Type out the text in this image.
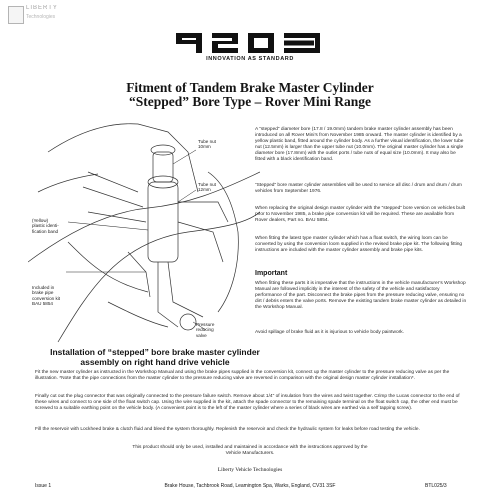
LIBERTY
Technologies
INNOVATION AS STANDARD
Fitment of Tandem Brake Master Cylinder
“Stepped” Bore Type – Rover Mini Range
Tube nut
10mm
Tube nut
12mm
(Yellow)
plastic identi-
fication band
Included in
brake pipe
conversion kit
BAU 5854
Pressure
reducing
valve
Installation of “stepped” bore brake master cylinder assembly on right hand drive vehicle
A “stepped” diameter bore (17.8 / 19.0mm) tandem brake master cylinder assembly has been introduced on all Rover Mini’s from November 1985 onward. The master cylinder is identified by a yellow plastic band, fitted around the cylinder body. As a further visual identification, the lower tube nut (12.5mm) is larger than the upper tube nut (10.0mm). The original master cylinder has a single diameter bore (17.8mm) with the outlet ports / tube nuts of equal size (10.0mm). It may also be fitted with a black identification band.
“Stepped” bore master cylinder assemblies will be used to service all disc / drum and drum / drum vehicles from September 1976.
When replacing the original design master cylinder with the “stepped” bore version on vehicles built prior to November 1985, a brake pipe conversion kit will be required. These are available from Rover dealers, Part no. BAU 5854.
When fitting the latest type master cylinder which has a float switch, the wiring loom can be converted by using the conversion loom supplied in the revised brake pipe kit. The following fitting instructions are included with the master cylinder assembly and brake pipe kits.
Important
When fitting these parts it is imperative that the instructions in the vehicle manufacturer’s Workshop Manual are followed implicitly in the interest of the safety of the vehicle and satisfactory performance of the part. Disconnect the brake pipes from the pressure reducing valve, ensuring no dirt / debris enters the valve ports. Remove the existing tandem brake master cylinder as detailed in the Workshop Manual.
Avoid spillage of brake fluid as it is injurious to vehicle body paintwork.
Fit the new master cylinder as instructed in the Workshop Manual and using the brake pipes supplied in the conversion kit, connect up the master cylinder to the pressure reducing valve as per the illustration. *Note that the pipe connections from the master cylinder to the pressure reducing valve are reversed in comparison with the original design master cylinder installation*.
Finally cut out the plug connector that was originally connected to the pressure failure switch. Remove about 1/4" of insulation from the wires and twist together. Crimp the Lucas connector to the end of these wires and connect to one side of the float switch cap. Using the wire supplied in the kit, attach the spade connector to the remaining spade terminal on the float switch cap, the other end must be screwed to a suitable earthing point on the vehicle body. (A convenient point is to the left of the master cylinder where a series of black wires are earthed via a self tapping screw).
Fill the reservoir with Lockheed brake & clutch fluid and bleed the system thoroughly. Replenish the reservoir and check the hydraulic system for leaks before road testing the vehicle.
This product should only be used, installed and maintained in accordance with the instructions approved by the Vehicle Manufacturers.
Liberty Vehicle Technologies
Issue 1	Brake House, Tachbrook Road, Leamington Spa, Warks, England, CV31 3SF	BTL025/3
